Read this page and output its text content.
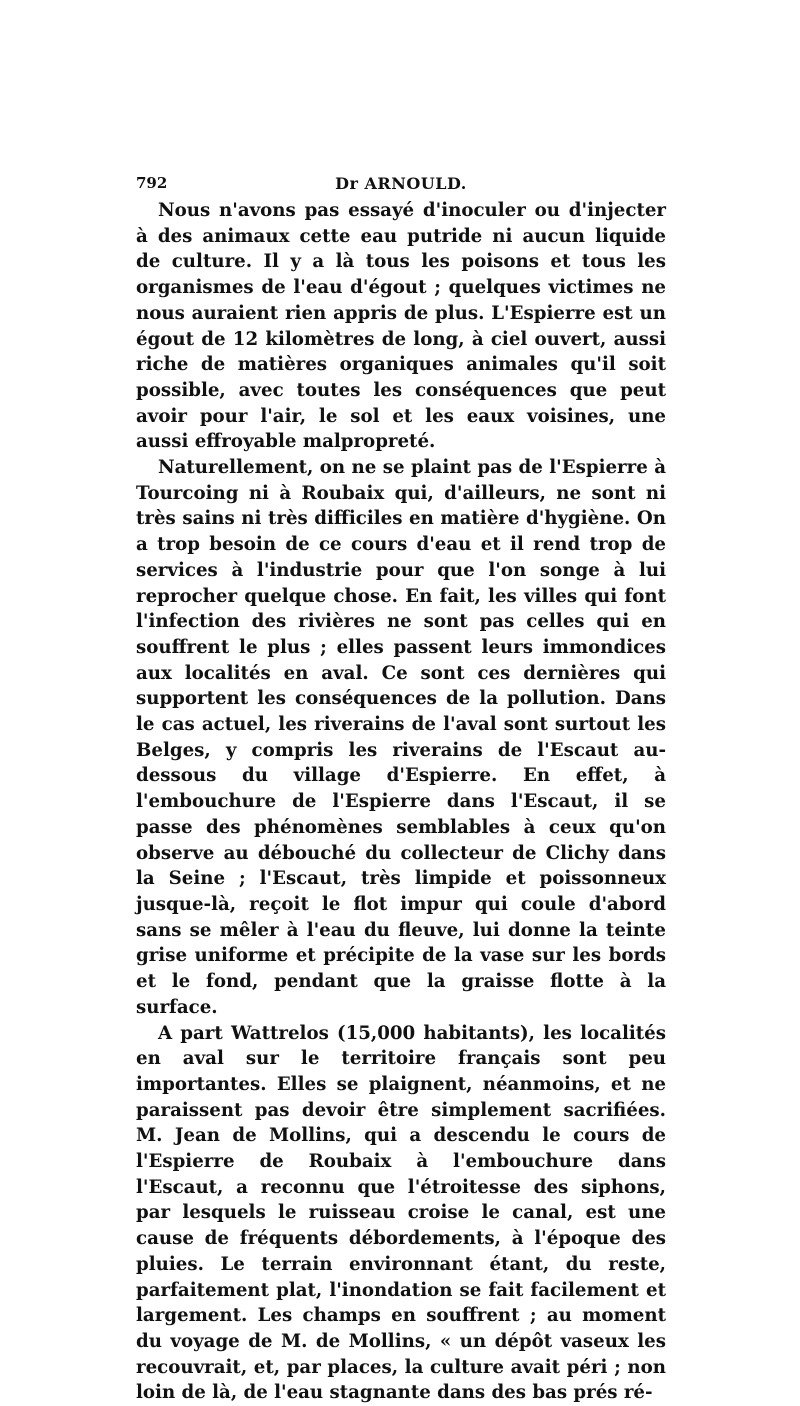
792	Dr ARNOULD.

Nous n'avons pas essayé d'inoculer ou d'injecter à des animaux cette eau putride ni aucun liquide de culture. Il y a là tous les poisons et tous les organismes de l'eau d'égout ; quelques victimes ne nous auraient rien appris de plus. L'Espierre est un égout de 12 kilomètres de long, à ciel ouvert, aussi riche de matières organiques animales qu'il soit possible, avec toutes les conséquences que peut avoir pour l'air, le sol et les eaux voisines, une aussi effroyable malpropreté.

Naturellement, on ne se plaint pas de l'Espierre à Tourcoing ni à Roubaix qui, d'ailleurs, ne sont ni très sains ni très difficiles en matière d'hygiène. On a trop besoin de ce cours d'eau et il rend trop de services à l'industrie pour que l'on songe à lui reprocher quelque chose. En fait, les villes qui font l'infection des rivières ne sont pas celles qui en souffrent le plus ; elles passent leurs immondices aux localités en aval. Ce sont ces dernières qui supportent les conséquences de la pollution. Dans le cas actuel, les riverains de l'aval sont surtout les Belges, y compris les riverains de l'Escaut au-dessous du village d'Espierre. En effet, à l'embouchure de l'Espierre dans l'Escaut, il se passe des phénomènes semblables à ceux qu'on observe au débouché du collecteur de Clichy dans la Seine ; l'Escaut, très limpide et poissonneux jusque-là, reçoit le flot impur qui coule d'abord sans se mêler à l'eau du fleuve, lui donne la teinte grise uniforme et précipite de la vase sur les bords et le fond, pendant que la graisse flotte à la surface.

A part Wattrelos (15,000 habitants), les localités en aval sur le territoire français sont peu importantes. Elles se plaignent, néanmoins, et ne paraissent pas devoir être simplement sacrifiées. M. Jean de Mollins, qui a descendu le cours de l'Espierre de Roubaix à l'embouchure dans l'Escaut, a reconnu que l'étroitesse des siphons, par lesquels le ruisseau croise le canal, est une cause de fréquents débordements, à l'époque des pluies. Le terrain environnant étant, du reste, parfaitement plat, l'inondation se fait facilement et largement. Les champs en souffrent ; au moment du voyage de M. de Mollins, « un dépôt vaseux les recouvrait, et, par places, la culture avait péri ; non loin de là, de l'eau stagnante dans des bas prés ré-
